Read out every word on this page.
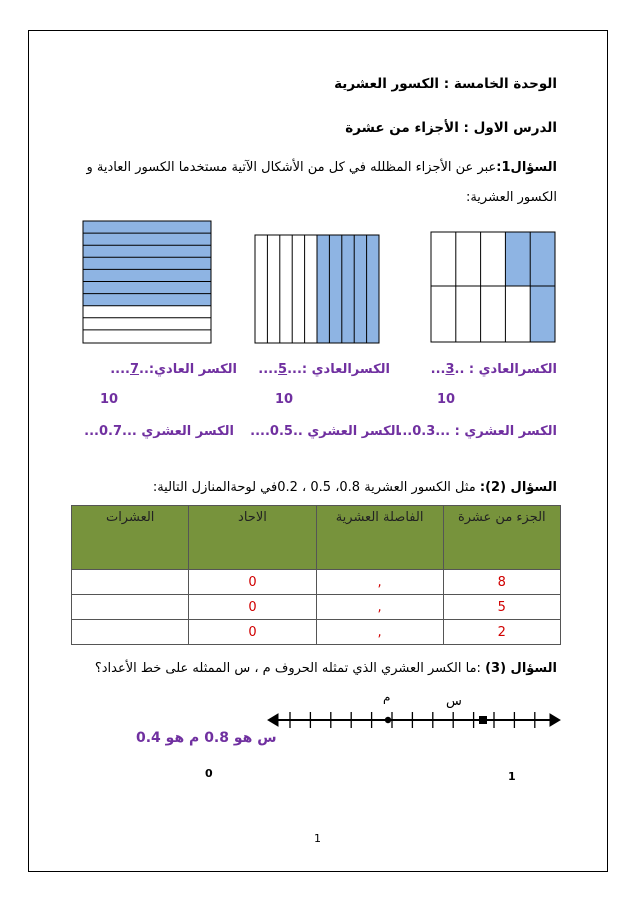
الوحدة الخامسة : الكسور العشرية
الدرس الاول : الأجزاء من عشرة
السؤال1:عبر عن الأجزاء المظلله في كل من الأشكال الآتية مستخدما الكسور العادية و
الكسور العشرية:
الكسرالعادي : ..3...
10
الكسر العشري : ...0.3...
الكسرالعادي :...5....
10
الكسر العشري ..0.5....
الكسر العادي:..7....
10
الكسر العشري ...0.7...
السؤال (2): مثل الكسور العشرية 0.8، 0.5 ، 0.2في لوحةالمنازل التالية:
الجزء من عشرة	الفاصلة العشرية	الاحاد	العشرات
8	,	0	
5	,	0	
2	,	0	
السؤال (3) :ما الكسر العشري الذي تمثله الحروف م ، س الممثله على خط الأعداد؟
م	س
س هو 0.8 م هو 0.4
0	1
1
